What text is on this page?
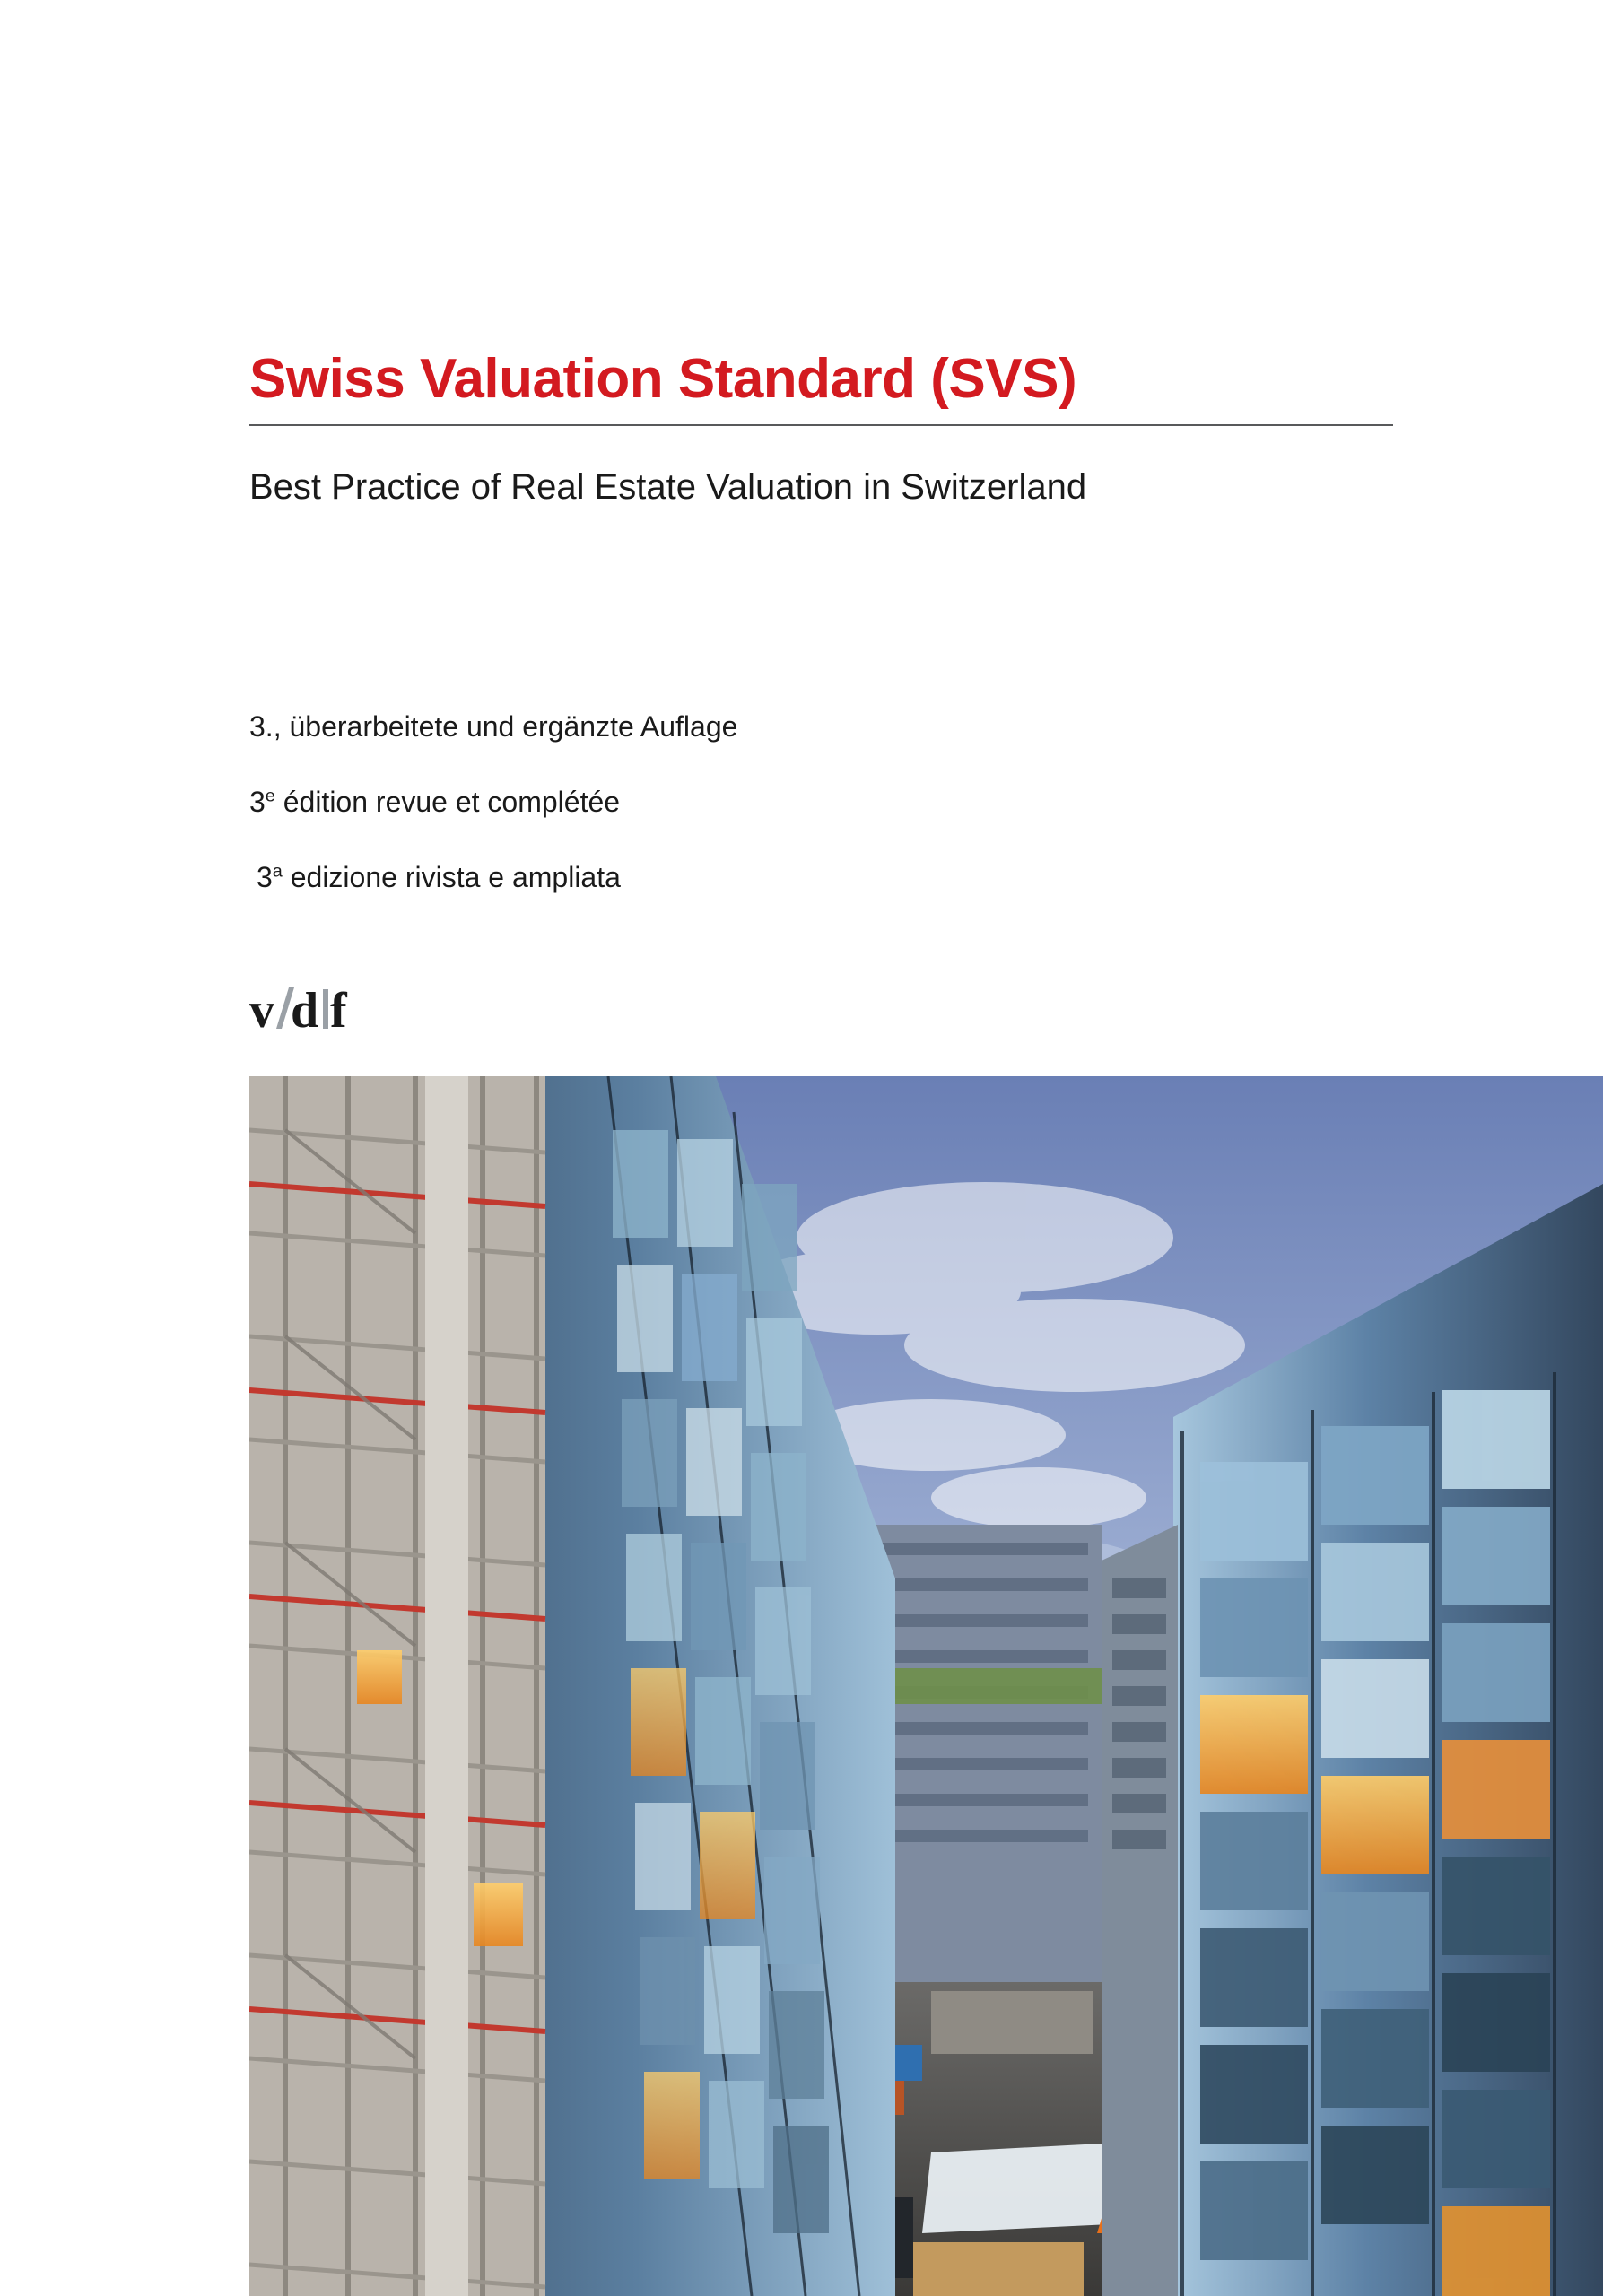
Swiss Valuation Standard (SVS)
Best Practice of Real Estate Valuation in Switzerland
3., überarbeitete und ergänzte Auflage
3e édition revue et complétée
3$^a$ edizione rivista e ampliata
v d f
